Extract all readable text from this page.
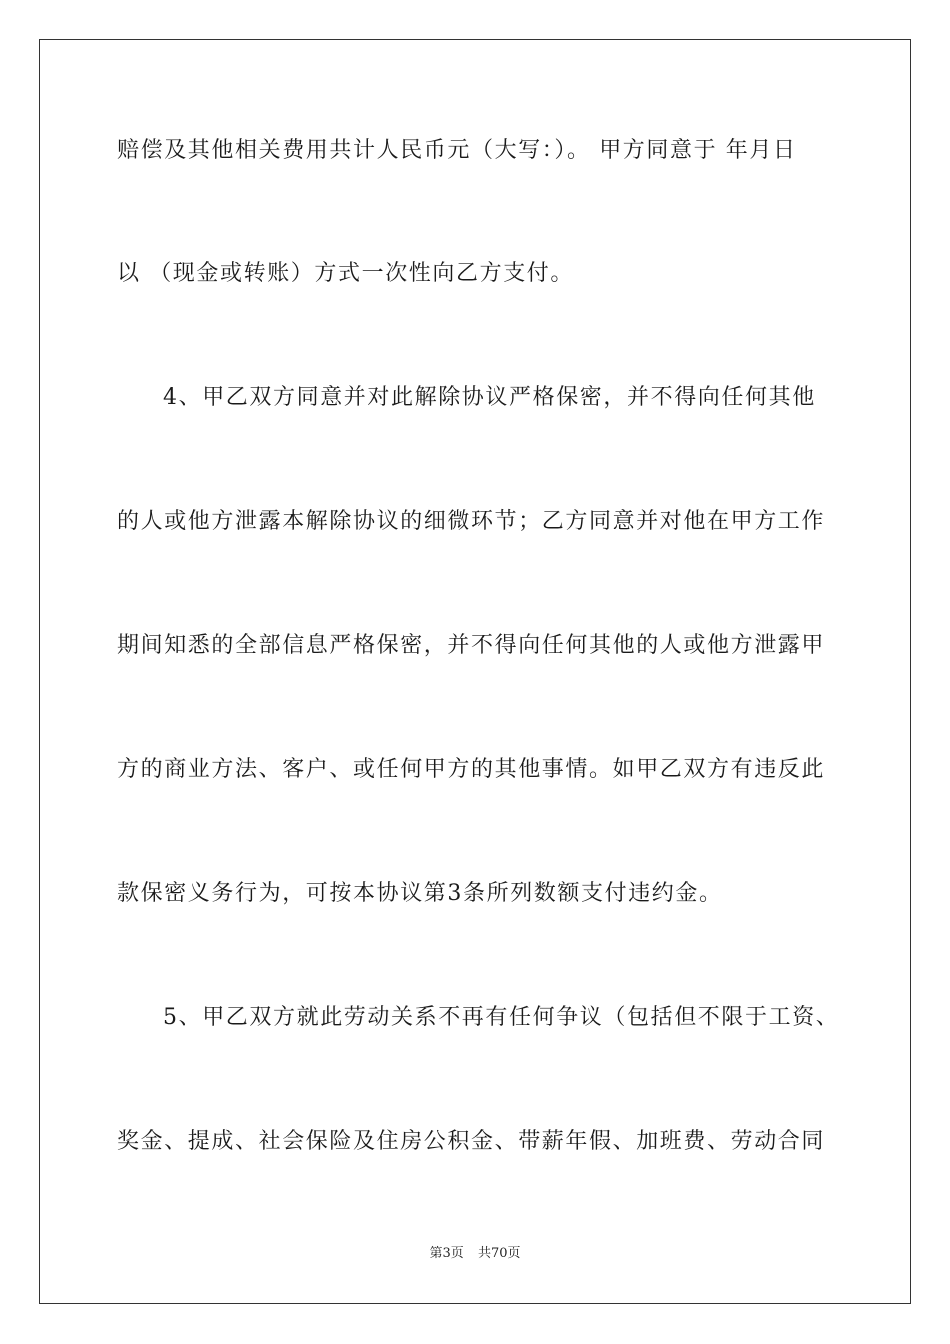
赔偿及其他相关费用共计人民币元（大写：）。 甲方同意于 年月日
以 （现金或转账）方式一次性向乙方支付。
4、甲乙双方同意并对此解除协议严格保密，并不得向任何其他
的人或他方泄露本解除协议的细微环节；乙方同意并对他在甲方工作
期间知悉的全部信息严格保密，并不得向任何其他的人或他方泄露甲
方的商业方法、客户、或任何甲方的其他事情。如甲乙双方有违反此
款保密义务行为，可按本协议第3条所列数额支付违约金。
5、甲乙双方就此劳动关系不再有任何争议（包括但不限于工资、
奖金、提成、社会保险及住房公积金、带薪年假、加班费、劳动合同
第3页 共70页
